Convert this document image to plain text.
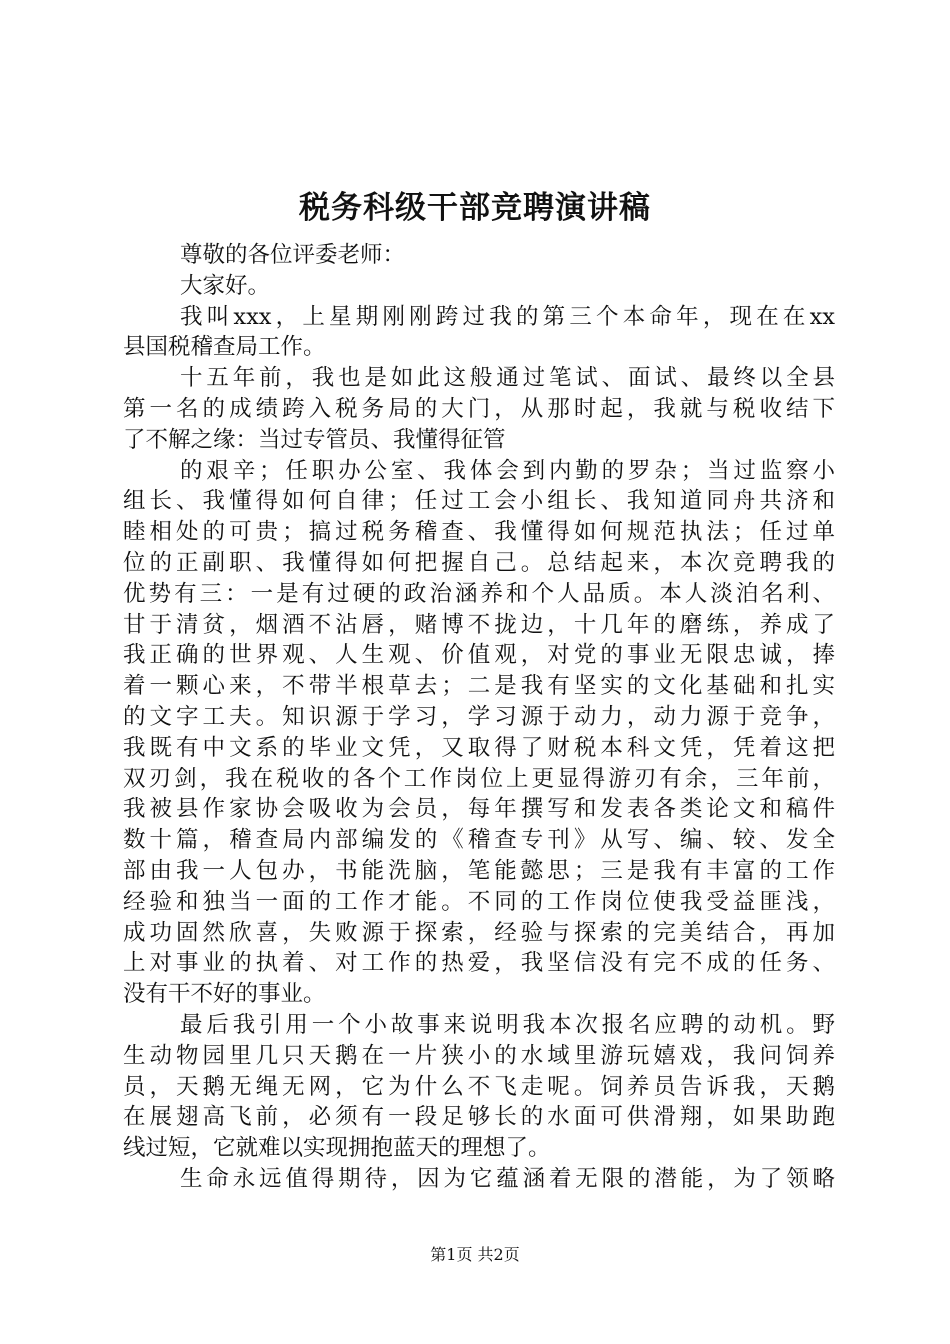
税务科级干部竞聘演讲稿
尊敬的各位评委老师：
大家好。
我叫xxx，上星期刚刚跨过我的第三个本命年，现在在xx
县国税稽查局工作。
十五年前，我也是如此这般通过笔试、面试、最终以全县
第一名的成绩跨入税务局的大门，从那时起，我就与税收结下
了不解之缘：当过专管员、我懂得征管
的艰辛；任职办公室、我体会到内勤的罗杂；当过监察小
组长、我懂得如何自律；任过工会小组长、我知道同舟共济和
睦相处的可贵；搞过税务稽查、我懂得如何规范执法；任过单
位的正副职、我懂得如何把握自己。总结起来，本次竞聘我的
优势有三：一是有过硬的政治涵养和个人品质。本人淡泊名利、
甘于清贫，烟酒不沾唇，赌博不拢边，十几年的磨练，养成了
我正确的世界观、人生观、价值观，对党的事业无限忠诚，捧
着一颗心来，不带半根草去；二是我有坚实的文化基础和扎实
的文字工夫。知识源于学习，学习源于动力，动力源于竞争，
我既有中文系的毕业文凭，又取得了财税本科文凭，凭着这把
双刃剑，我在税收的各个工作岗位上更显得游刃有余，三年前，
我被县作家协会吸收为会员，每年撰写和发表各类论文和稿件
数十篇，稽查局内部编发的《稽查专刊》从写、编、较、发全
部由我一人包办，书能洗脑，笔能懿思；三是我有丰富的工作
经验和独当一面的工作才能。不同的工作岗位使我受益匪浅，
成功固然欣喜，失败源于探索，经验与探索的完美结合，再加
上对事业的执着、对工作的热爱，我坚信没有完不成的任务、
没有干不好的事业。
最后我引用一个小故事来说明我本次报名应聘的动机。野
生动物园里几只天鹅在一片狭小的水域里游玩嬉戏，我问饲养
员，天鹅无绳无网，它为什么不飞走呢。饲养员告诉我，天鹅
在展翅高飞前，必须有一段足够长的水面可供滑翔，如果助跑
线过短，它就难以实现拥抱蓝天的理想了。
生命永远值得期待，因为它蕴涵着无限的潜能，为了领略
第1页 共2页
